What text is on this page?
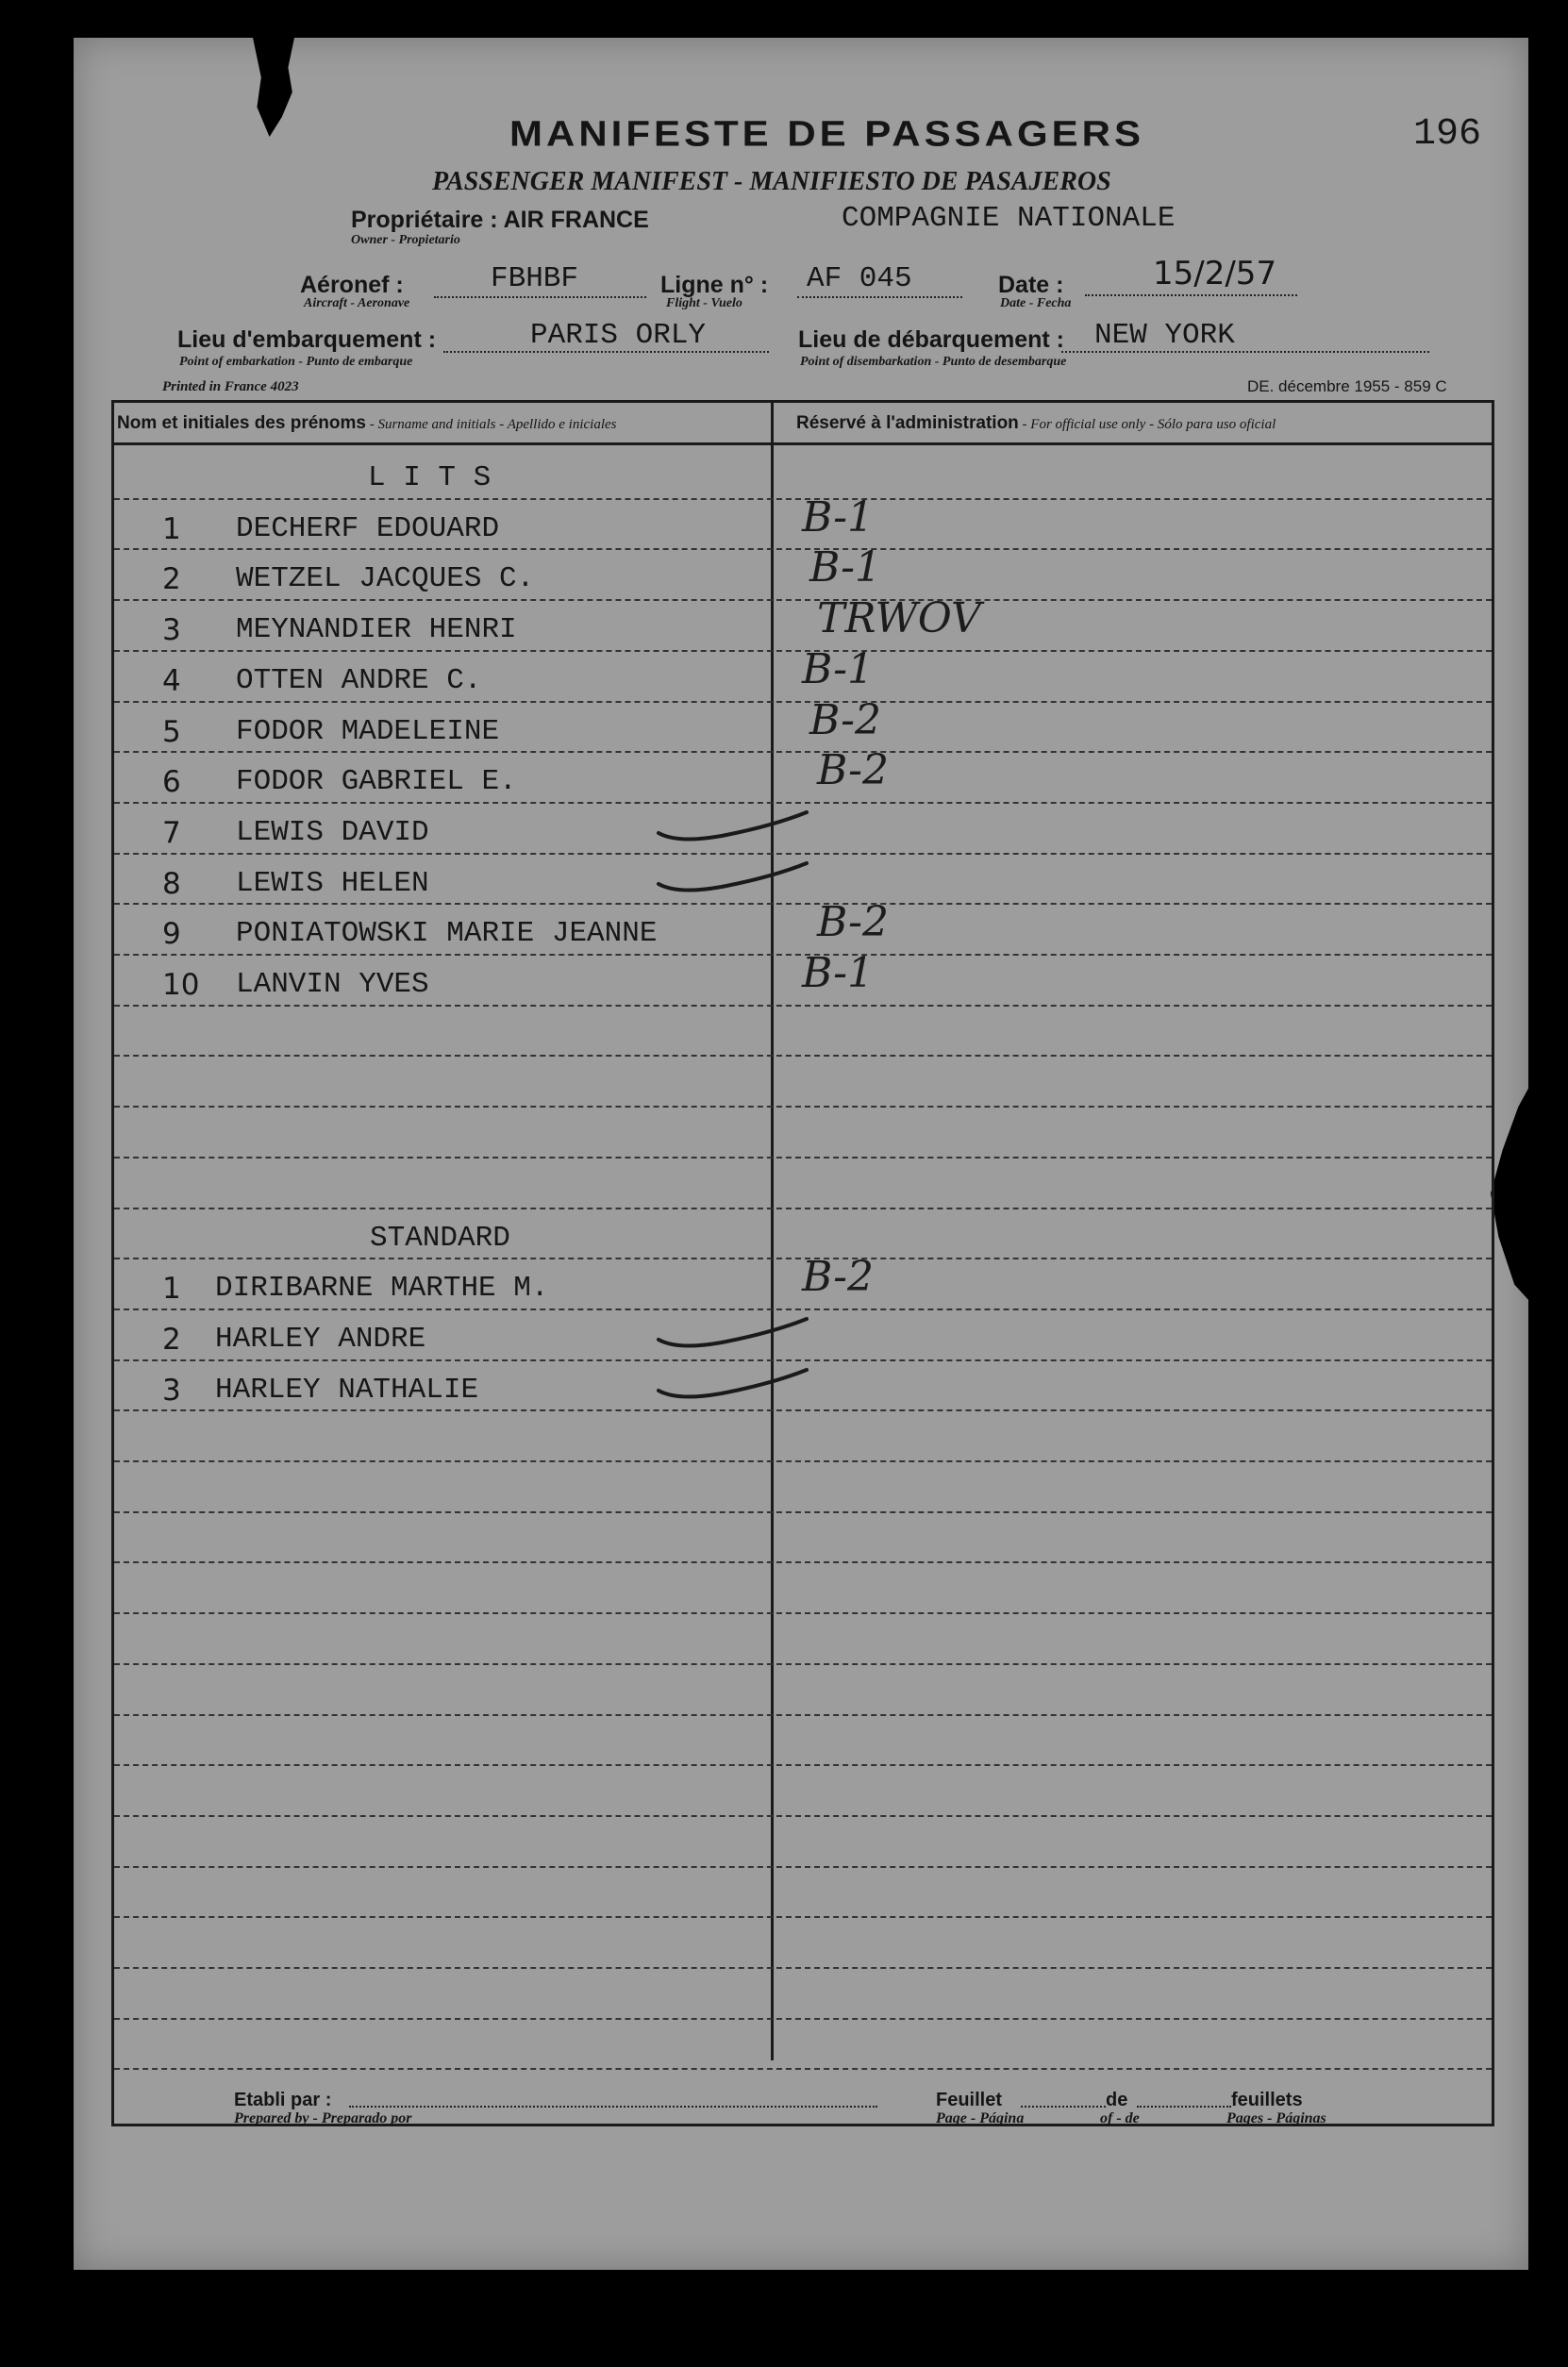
MANIFESTE DE PASSAGERS	196
PASSENGER MANIFEST - MANIFIESTO DE PASAJEROS
Propriétaire : AIR FRANCE
Owner - Propietario
COMPAGNIE NATIONALE
Aéronef :
Aircraft - Aeronave
FBHBF	Ligne n° :
Flight - Vuelo
AF 045	Date :
Date - Fecha
15/2/57
Lieu d'embarquement :
Point of embarkation - Punto de embarque
PARIS ORLY	Lieu de débarquement :
Point of disembarkation - Punto de desembarque
NEW YORK
Printed in France 4023	DE. décembre 1955 - 859 C
Nom et initiales des prénoms - Surname and initials - Apellido e iniciales	Réservé à l'administration - For official use only - Sólo para uso oficial
L I T S
1 DECHERF EDOUARD	B-1
2 WETZEL JACQUES C.	B-1
3 MEYNANDIER HENRI	TRWOV
4 OTTEN ANDRE C.	B-1
5 FODOR MADELEINE	B-2
6 FODOR GABRIEL E.	B-2
7 LEWIS DAVID
8 LEWIS HELEN
9 PONIATOWSKI MARIE JEANNE	B-2
10 LANVIN YVES	B-1
STANDARD
1 DIRIBARNE MARTHE M.	B-2
2 HARLEY ANDRE
3 HARLEY NATHALIE
Etabli par :
Prepared by - Preparado por
Feuillet
Page - Página
de
of - de
feuillets
Pages - Páginas
